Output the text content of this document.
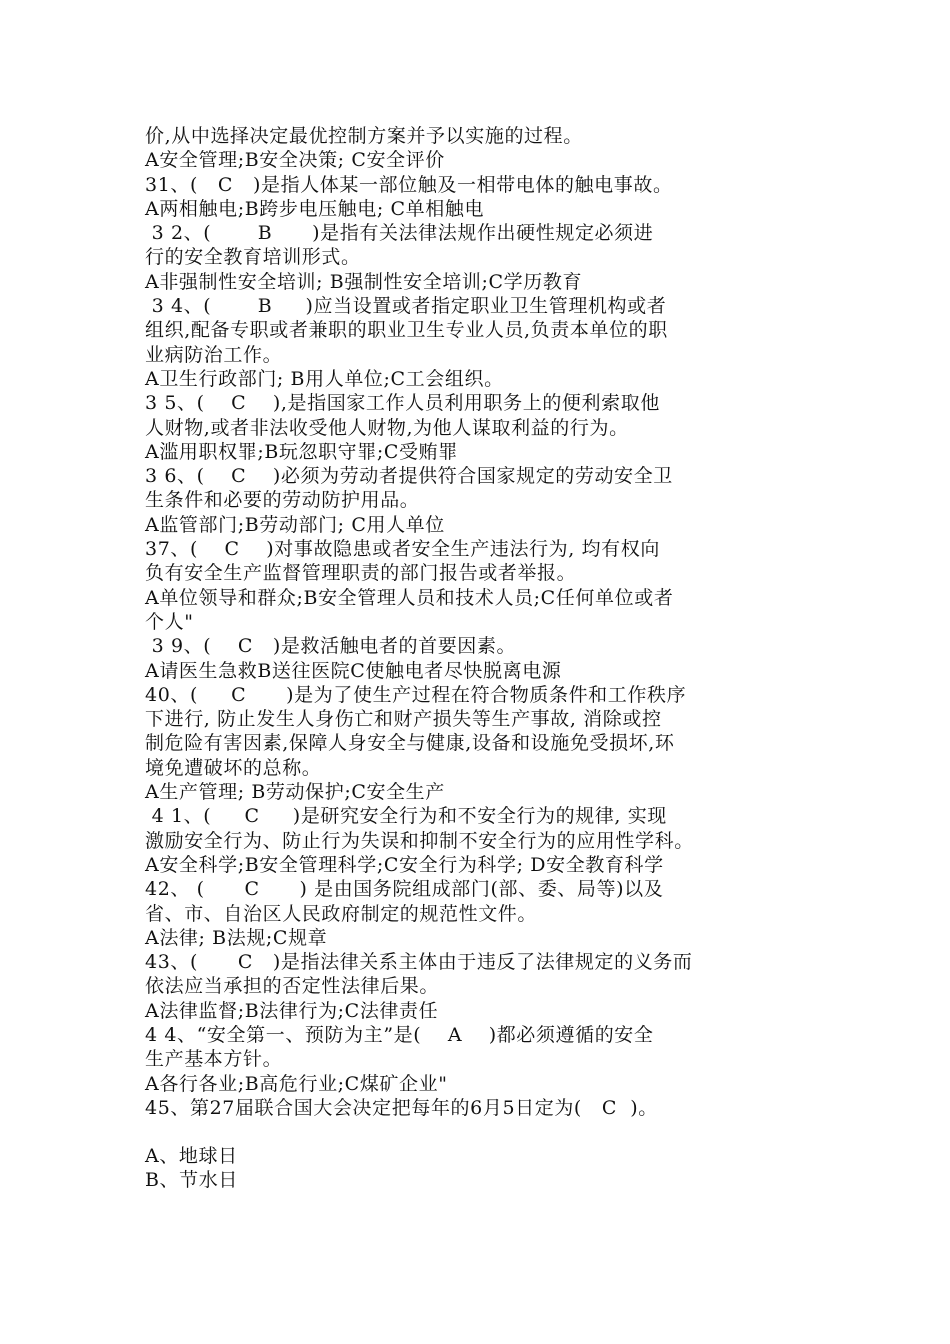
价,从中选择决定最优控制方案并予以实施的过程。
A安全管理;B安全决策; C安全评价
31、(   C   )是指人体某一部位触及一相带电体的触电事故。
A两相触电;B跨步电压触电; C单相触电
3 2、(       B      )是指有关法律法规作出硬性规定必须进
行的安全教育培训形式。
A非强制性安全培训; B强制性安全培训;C学历教育
3 4、(       B     )应当设置或者指定职业卫生管理机构或者
组织,配备专职或者兼职的职业卫生专业人员,负责本单位的职
业病防治工作。
A卫生行政部门; B用人单位;C工会组织。
3 5、(    C    ),是指国家工作人员利用职务上的便利索取他
人财物,或者非法收受他人财物,为他人谋取利益的行为。
A滥用职权罪;B玩忽职守罪;C受贿罪
3 6、(    C    )必须为劳动者提供符合国家规定的劳动安全卫
生条件和必要的劳动防护用品。
A监管部门;B劳动部门; C用人单位
37、(    C    )对事故隐患或者安全生产违法行为, 均有权向
负有安全生产监督管理职责的部门报告或者举报。
A单位领导和群众;B安全管理人员和技术人员;C任何单位或者
个人"
3 9、(    C   )是救活触电者的首要因素。
A请医生急救B送往医院C使触电者尽快脱离电源
40、(     C      )是为了使生产过程在符合物质条件和工作秩序
下进行, 防止发生人身伤亡和财产损失等生产事故, 消除或控
制危险有害因素,保障人身安全与健康,设备和设施免受损坏,环
境免遭破坏的总称。
A生产管理; B劳动保护;C安全生产
4 1、(     C     )是研究安全行为和不安全行为的规律, 实现
激励安全行为、防止行为失误和抑制不安全行为的应用性学科。
A安全科学;B安全管理科学;C安全行为科学; D安全教育科学
42、 (      C      ) 是由国务院组成部门(部、委、局等)以及
省、市、自治区人民政府制定的规范性文件。
A法律; B法规;C规章
43、(      C   )是指法律关系主体由于违反了法律规定的义务而
依法应当承担的否定性法律后果。
A法律监督;B法律行为;C法律责任
4 4、“安全第一、预防为主”是(    A    )都必须遵循的安全
生产基本方针。
A各行各业;B高危行业;C煤矿企业"
45、第27届联合国大会决定把每年的6月5日定为(   C  )。
A、地球日
B、节水日
